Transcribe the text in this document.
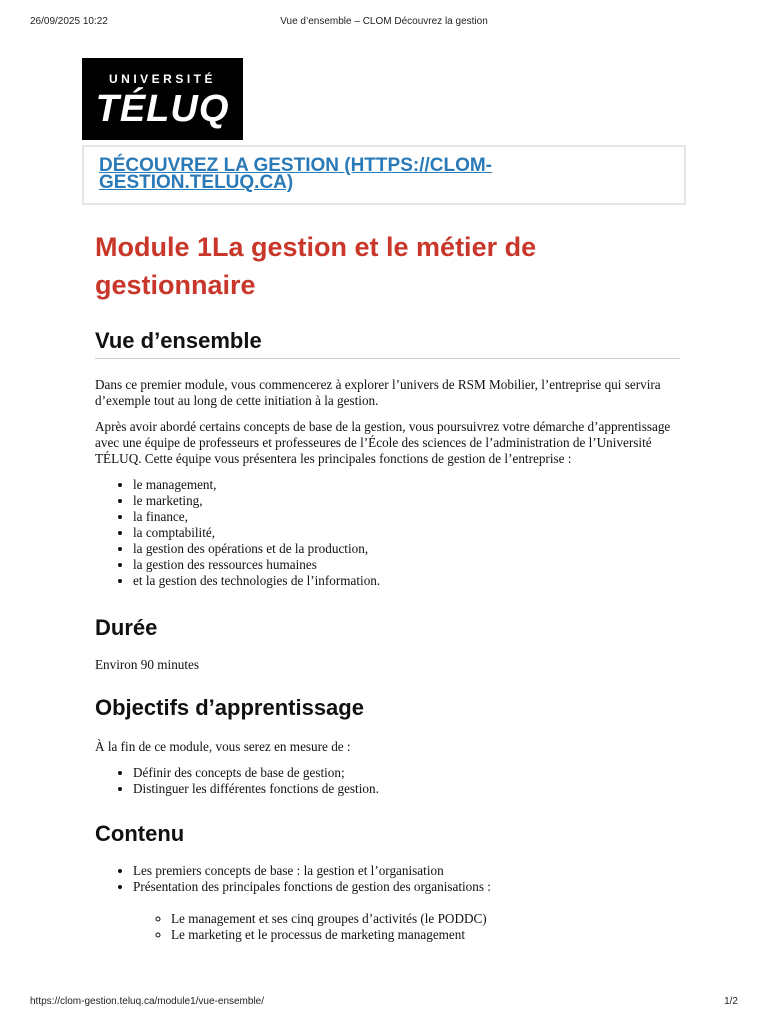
26/09/2025 10:22	Vue d’ensemble – CLOM Découvrez la gestion
UNIVERSITÉ
TÉLUQ
DÉCOUVREZ LA GESTION (HTTPS://CLOM-GESTION.TELUQ.CA)
Module 1La gestion et le métier de gestionnaire
Vue d’ensemble

Dans ce premier module, vous commencerez à explorer l’univers de RSM Mobilier, l’entreprise qui servira d’exemple tout au long de cette initiation à la gestion.

Après avoir abordé certains concepts de base de la gestion, vous poursuivrez votre démarche d’apprentissage avec une équipe de professeurs et professeures de l’École des sciences de l’administration de l’Université TÉLUQ. Cette équipe vous présentera les principales fonctions de gestion de l’entreprise :

• le management,
• le marketing,
• la finance,
• la comptabilité,
• la gestion des opérations et de la production,
• la gestion des ressources humaines
• et la gestion des technologies de l’information.
Durée

Environ 90 minutes

Objectifs d’apprentissage

À la fin de ce module, vous serez en mesure de :

• Définir des concepts de base de gestion;
• Distinguer les différentes fonctions de gestion.
Contenu
• Les premiers concepts de base : la gestion et l’organisation
• Présentation des principales fonctions de gestion des organisations :
◦ Le management et ses cinq groupes d’activités (le PODDC)
◦ Le marketing et le processus de marketing management
https://clom-gestion.teluq.ca/module1/vue-ensemble/	1/2
